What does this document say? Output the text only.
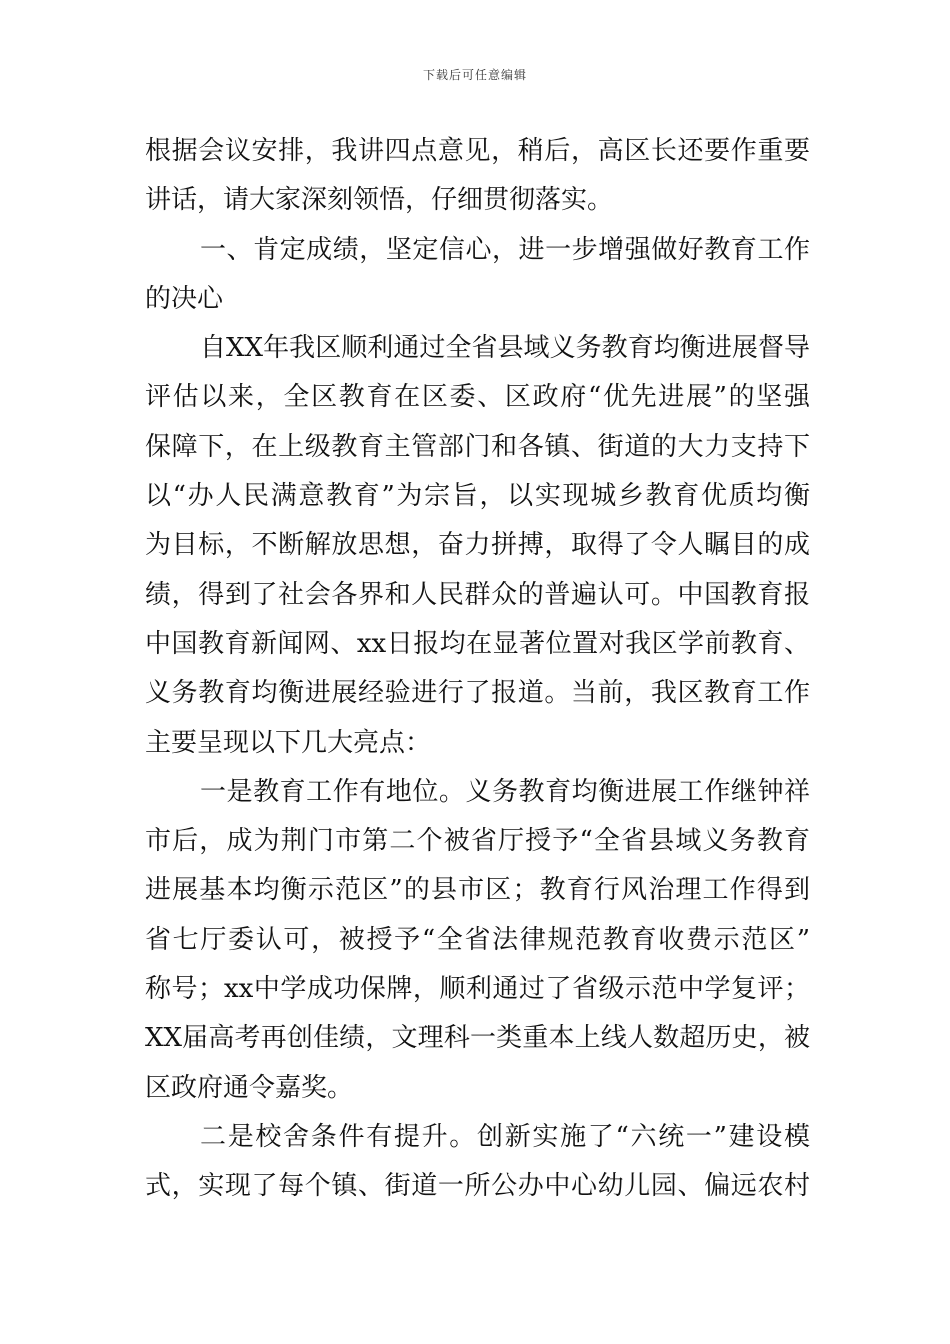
下载后可任意编辑
根据会议安排，我讲四点意见，稍后，高区长还要作重要
讲话，请大家深刻领悟，仔细贯彻落实。
一、肯定成绩，坚定信心，进一步增强做好教育工作
的决心
自XX年我区顺利通过全省县域义务教育均衡进展督导
评估以来，全区教育在区委、区政府“优先进展”的坚强
保障下，在上级教育主管部门和各镇、街道的大力支持下
以“办人民满意教育”为宗旨，以实现城乡教育优质均衡
为目标，不断解放思想，奋力拼搏，取得了令人瞩目的成
绩，得到了社会各界和人民群众的普遍认可。中国教育报
中国教育新闻网、xx日报均在显著位置对我区学前教育、
义务教育均衡进展经验进行了报道。当前，我区教育工作
主要呈现以下几大亮点：
一是教育工作有地位。义务教育均衡进展工作继钟祥
市后，成为荆门市第二个被省厅授予“全省县域义务教育
进展基本均衡示范区”的县市区；教育行风治理工作得到
省七厅委认可，被授予“全省法律规范教育收费示范区”
称号；xx中学成功保牌，顺利通过了省级示范中学复评；
XX届高考再创佳绩，文理科一类重本上线人数超历史，被
区政府通令嘉奖。
二是校舍条件有提升。创新实施了“六统一”建设模
式，实现了每个镇、街道一所公办中心幼儿园、偏远农村
